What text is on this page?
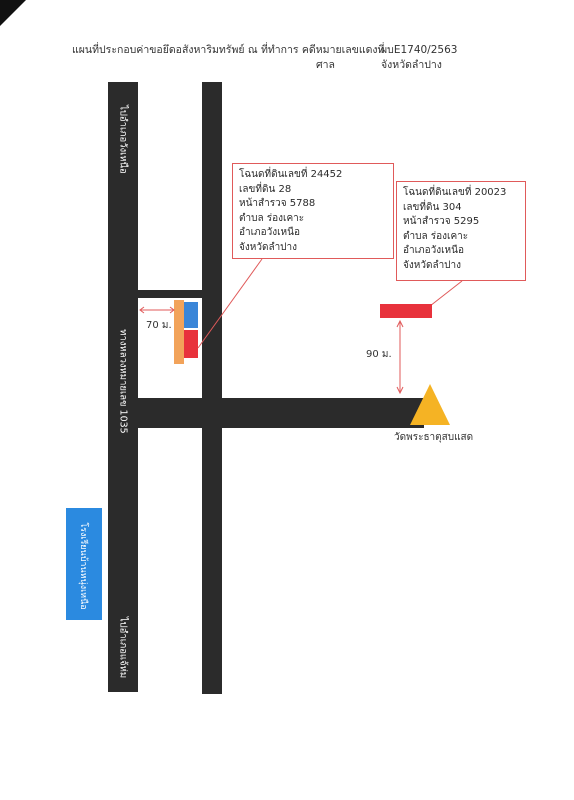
แผนที่ประกอบค่าขอยึดอสังหาริมทรัพย์ ณ ที่ทำการ คดีหมายเลขแดงที่
ศาล
ผบE1740/2563
จังหวัดลำปาง
ไปอำเภอวังเหนือ
ทางหลวงหมายเลข 1035
ไปอำเภอแจ้ห่ม
70 ม.
โฉนดที่ดินเลขที่ 24452
เลขที่ดิน 28
หน้าสำรวจ 5788
ตำบล ร่องเคาะ
อำเภอวังเหนือ
จังหวัดลำปาง
โฉนดที่ดินเลขที่ 20023
เลขที่ดิน 304
หน้าสำรวจ 5295
ตำบล ร่องเคาะ
อำเภอวังเหนือ
จังหวัดลำปาง
90 ม.
วัดพระธาตุสบแสด
โรงเรียนบ้านหนุ่งเหนือ
